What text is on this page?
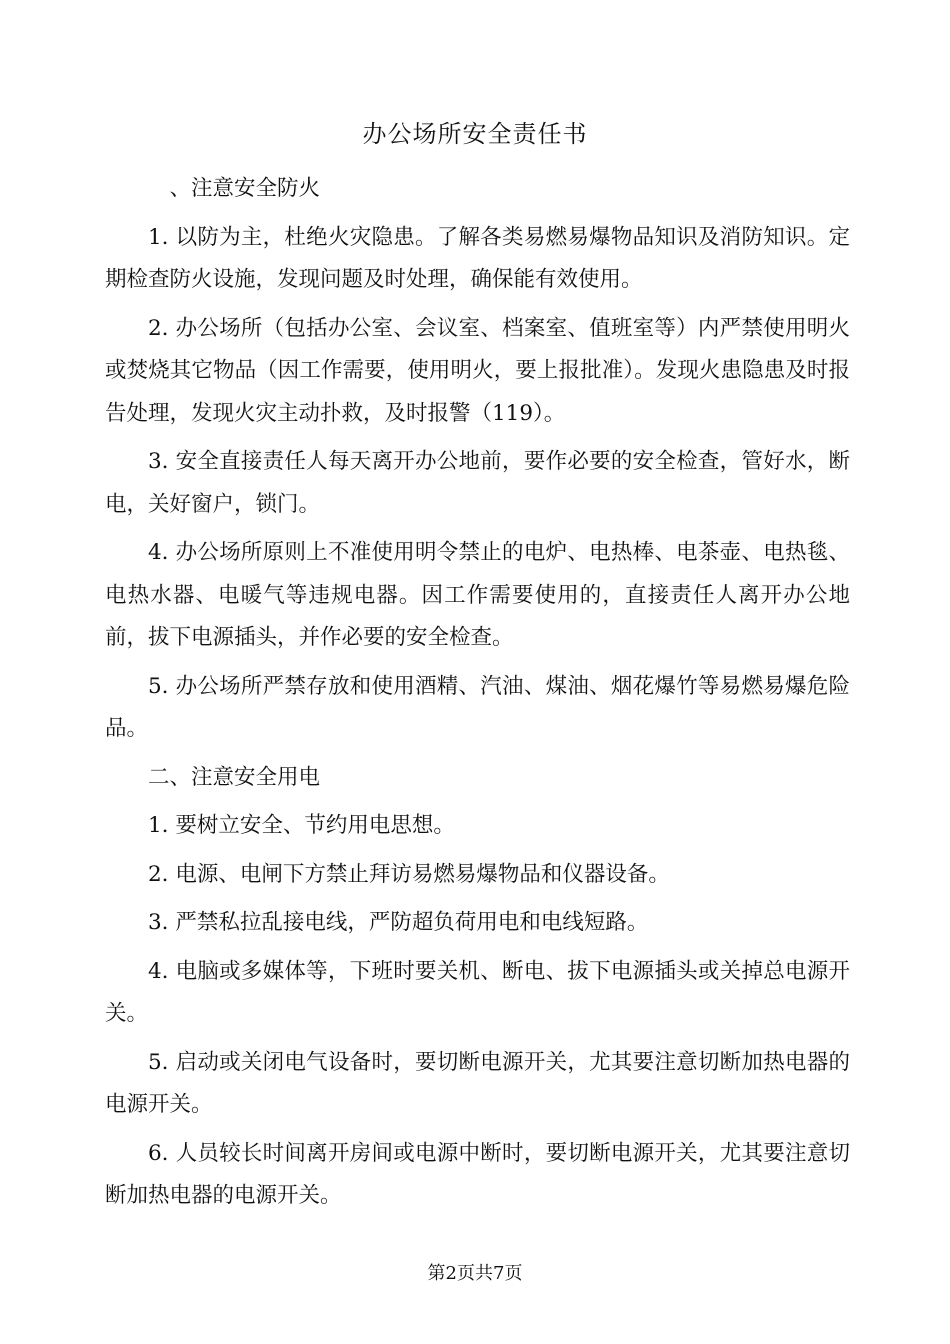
办公场所安全责任书

、注意安全防火

1. 以防为主，杜绝火灾隐患。了解各类易燃易爆物品知识及消防知识。定期检查防火设施，发现问题及时处理，确保能有效使用。

2. 办公场所（包括办公室、会议室、档案室、值班室等）内严禁使用明火或焚烧其它物品（因工作需要，使用明火，要上报批准）。发现火患隐患及时报告处理，发现火灾主动扑救，及时报警（119）。

3. 安全直接责任人每天离开办公地前，要作必要的安全检查，管好水，断电，关好窗户，锁门。

4. 办公场所原则上不准使用明令禁止的电炉、电热棒、电茶壶、电热毯、电热水器、电暖气等违规电器。因工作需要使用的，直接责任人离开办公地前，拔下电源插头，并作必要的安全检查。

5. 办公场所严禁存放和使用酒精、汽油、煤油、烟花爆竹等易燃易爆危险品。

二、注意安全用电

1. 要树立安全、节约用电思想。

2. 电源、电闸下方禁止拜访易燃易爆物品和仪器设备。

3. 严禁私拉乱接电线，严防超负荷用电和电线短路。

4. 电脑或多媒体等，下班时要关机、断电、拔下电源插头或关掉总电源开关。

5. 启动或关闭电气设备时，要切断电源开关，尤其要注意切断加热电器的电源开关。

6. 人员较长时间离开房间或电源中断时，要切断电源开关，尤其要注意切断加热电器的电源开关。

第2页共7页
